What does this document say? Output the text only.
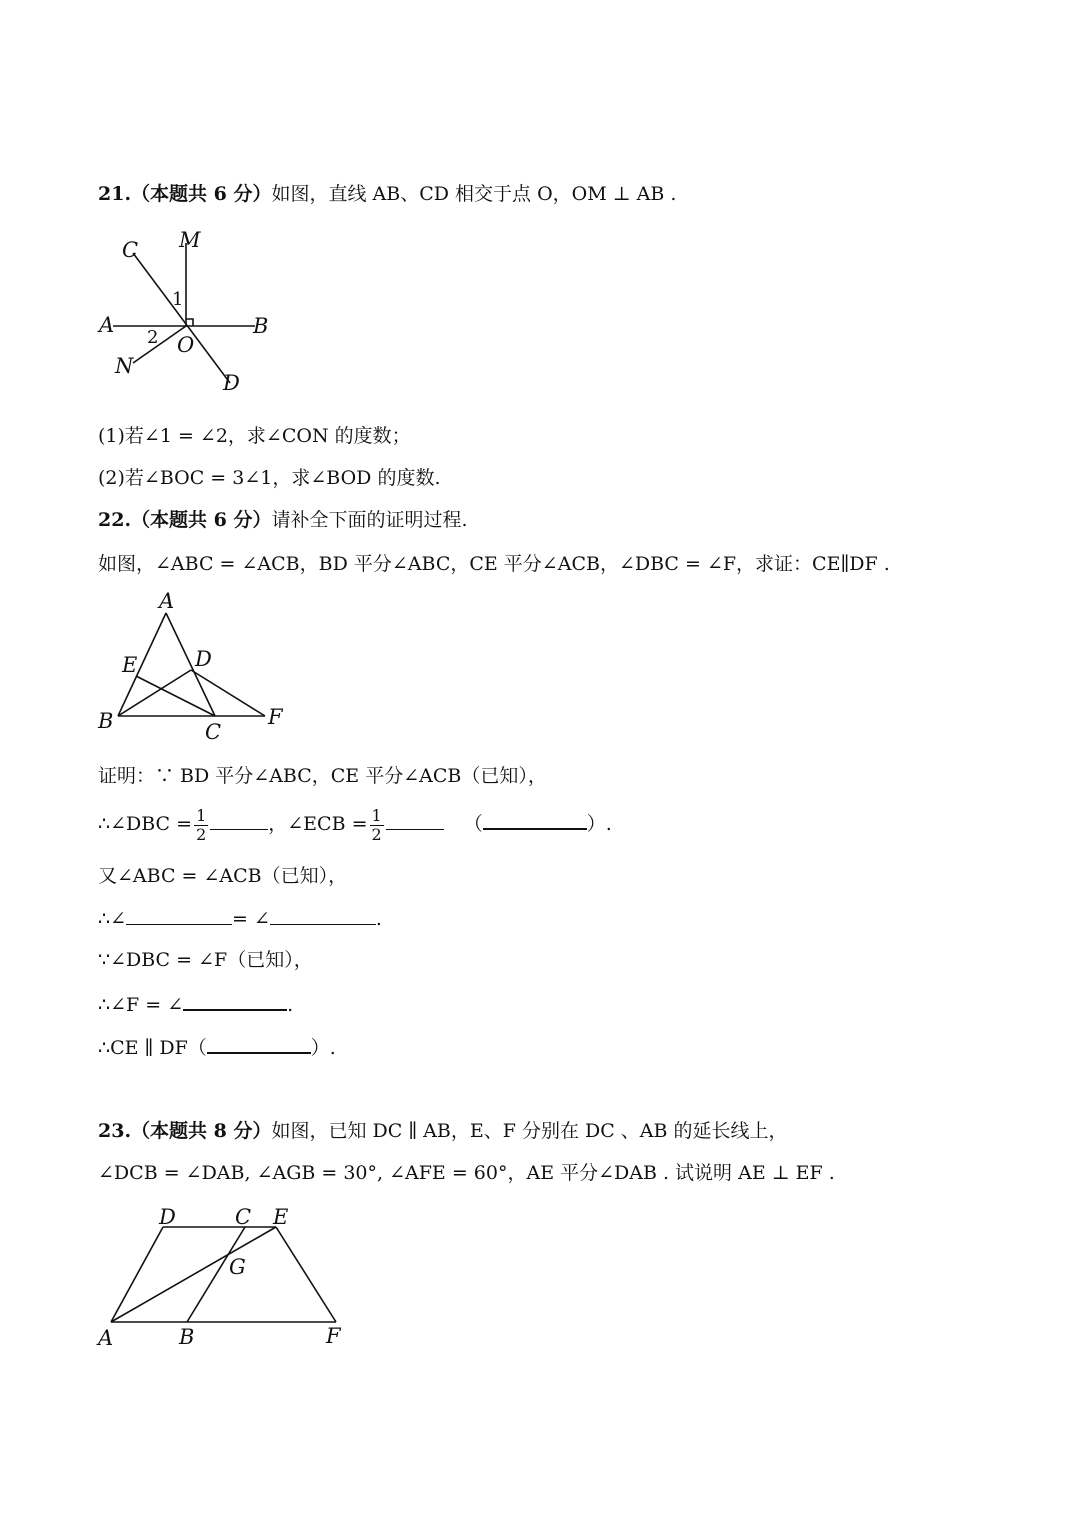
21.（本题共 6 分）如图，直线 AB、CD 相交于点 O，OM ⊥ AB .
C M
A	B
O
N
D
1
2
(1)若∠1 = ∠2，求∠CON 的度数；
(2)若∠BOC = 3∠1，求∠BOD 的度数.
22.（本题共 6 分）请补全下面的证明过程.
如图，∠ABC = ∠ACB，BD 平分∠ABC，CE 平分∠ACB，∠DBC = ∠F，求证：CE∥DF .
A
E	D
B	C
F
证明：∵ BD 平分∠ABC，CE 平分∠ACB（已知），
∴∠DBC = $\frac{1}{2}$	，∠ECB = $\frac{1}{2}$	（	）.
又∠ABC = ∠ACB（已知），
∴∠	= ∠	.
∵∠DBC = ∠F（已知），
∴∠F = ∠	.
∴CE ∥ DF（	）.
23.（本题共 8 分）如图，已知 DC ∥ AB，E、F 分别在 DC 、AB 的延长线上，
∠DCB = ∠DAB, ∠AGB = 30°, ∠AFE = 60°，AE 平分∠DAB . 试说明 AE ⊥ EF .
D	C E
G
A	B	F
